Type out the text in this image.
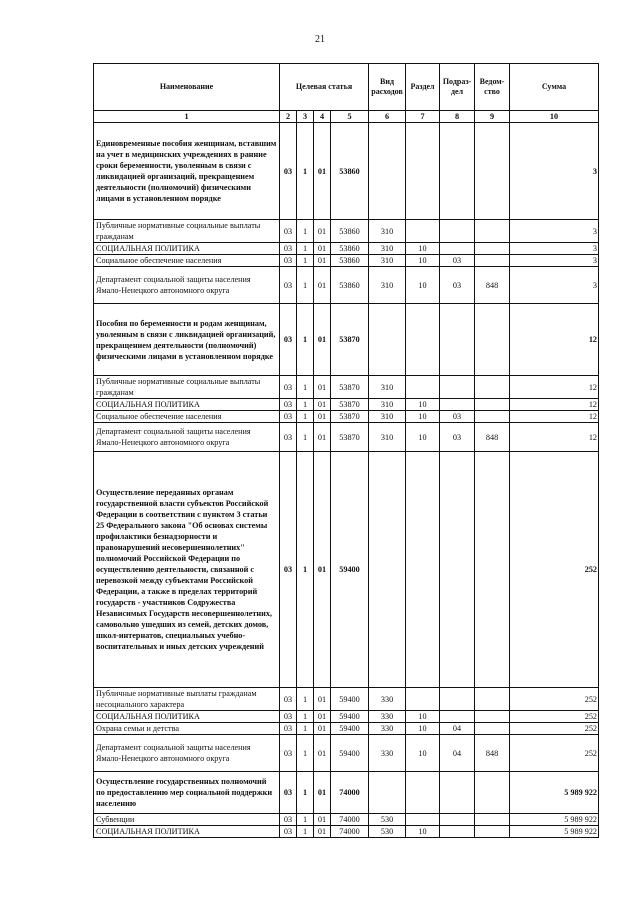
21
Наименование	Целевая статья				Вид расходов	Раздел	Подраз-дел	Ведом-ство	Сумма
1	2	3	4	5	6	7	8	9	10
Единовременные пособия женщинам, вставшим на учет в медицинских учреждениях в ранние сроки беременности, уволенным в связи с ликвидацией организаций, прекращением деятельности (полномочий) физическими лицами в установленном порядке	03	1	01	53860					3
Публичные нормативные социальные выплаты гражданам	03	1	01	53860	310				3
СОЦИАЛЬНАЯ ПОЛИТИКА	03	1	01	53860	310	10			3
Социальное обеспечение населения	03	1	01	53860	310	10	03		3
Департамент социальной защиты населения Ямало-Ненецкого автономного округа	03	1	01	53860	310	10	03	848	3
Пособия по беременности и родам женщинам, уволенным в связи с ликвидацией организаций, прекращением деятельности (полномочий) физическими лицами в установленном порядке	03	1	01	53870					12
Публичные нормативные социальные выплаты гражданам	03	1	01	53870	310				12
СОЦИАЛЬНАЯ ПОЛИТИКА	03	1	01	53870	310	10			12
Социальное обеспечение населения	03	1	01	53870	310	10	03		12
Департамент социальной защиты населения Ямало-Ненецкого автономного округа	03	1	01	53870	310	10	03	848	12
Осуществление переданных органам государственной власти субъектов Российской Федерации в соответствии с пунктом 3 статьи 25 Федерального закона "Об основах системы профилактики безнадзорности и правонарушений несовершеннолетних" полномочий Российской Федерации по осуществлению деятельности, связанной с перевозкой между субъектами Российской Федерации, а также в пределах территорий государств - участников Содружества Независимых Государств несовершеннолетних, самовольно ушедших из семей, детских домов, школ-интернатов, специальных учебно-воспитательных и иных детских учреждений	03	1	01	59400					252
Публичные нормативные выплаты гражданам несоциального характера	03	1	01	59400	330				252
СОЦИАЛЬНАЯ ПОЛИТИКА	03	1	01	59400	330	10			252
Охрана семьи и детства	03	1	01	59400	330	10	04		252
Департамент социальной защиты населения Ямало-Ненецкого автономного округа	03	1	01	59400	330	10	04	848	252
Осуществление государственных полномочий по предоставлению мер социальной поддержки населению	03	1	01	74000					5 989 922
Субвенции	03	1	01	74000	530				5 989 922
СОЦИАЛЬНАЯ ПОЛИТИКА	03	1	01	74000	530	10			5 989 922
